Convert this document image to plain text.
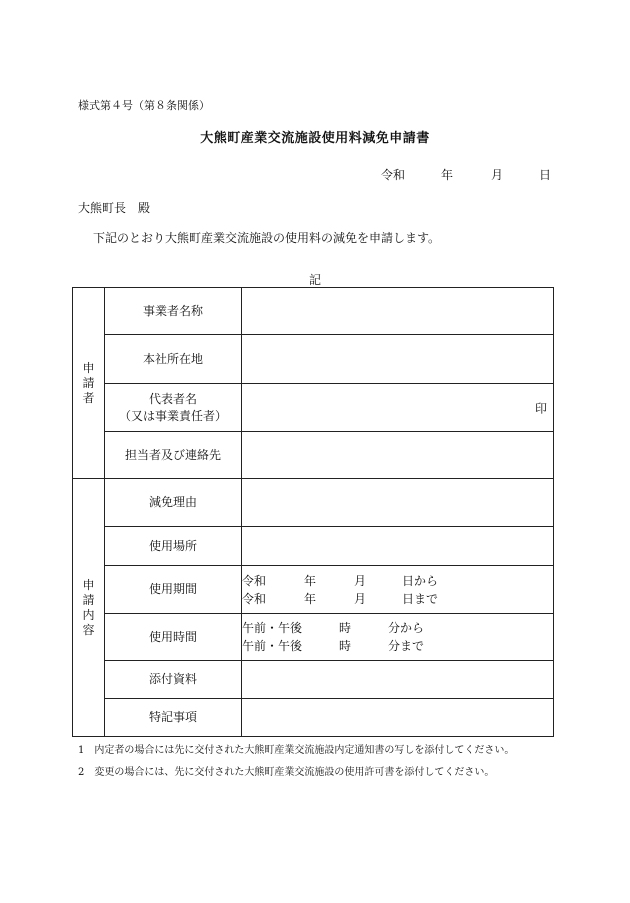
様式第４号（第８条関係）
大熊町産業交流施設使用料減免申請書
令和	年	月	日
大熊町長　殿
下記のとおり大熊町産業交流施設の使用料の減免を申請します。
記
申請者	事業者名称	
	本社所在地	

	代表者名
（又は事業責任者）	印

	担当者及び連絡先	
申請内容	減免理由	
	使用場所	
	使用期間	令和 年 月 日から
令和 年 月 日まで

	使用時間	午前・午後 時 分から
午前・午後 時 分まで

	添付資料	
	特記事項	
1　内定者の場合には先に交付された大熊町産業交流施設内定通知書の写しを添付してください。
2　変更の場合には、先に交付された大熊町産業交流施設の使用許可書を添付してください。
